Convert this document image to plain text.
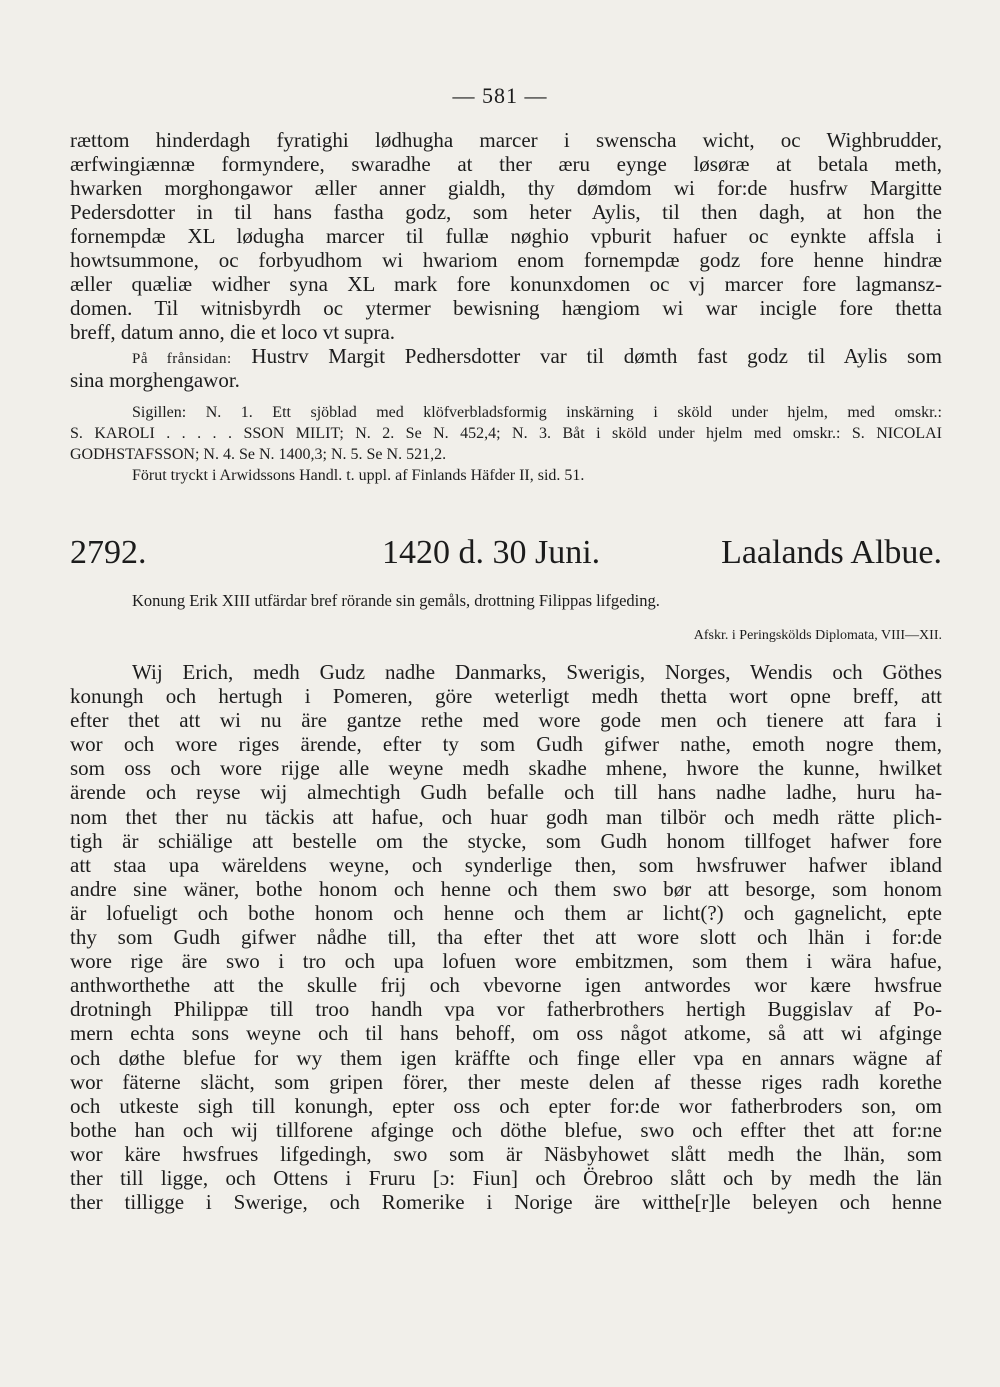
— 581 —

rættom hinderdagh fyratighi lødhugha marcer i swenscha wicht, oc Wighbrudder,
ærfwingiænnæ formyndere, swaradhe at ther æru eynge løsøræ at betala meth,
hwarken morghongawor æller anner gialdh, thy dømdom wi for:de husfrw Margitte
Pedersdotter in til hans fastha godz, som heter Aylis, til then dagh, at hon the
fornempdæ XL lødugha marcer til fullæ nøghio vpburit hafuer oc eynkte affsla i
howtsummone, oc forbyudhom wi hwariom enom fornempdæ godz fore henne hindræ
æller quæliæ widher syna XL mark fore konunxdomen oc vj marcer fore lagmansz-
domen. Til witnisbyrdh oc ytermer bewisning hængiom wi war incigle fore thetta
breff, datum anno, die et loco vt supra.
På frånsidan: Hustrv Margit Pedhersdotter var til dømth fast godz til Aylis som
sina morghengawor.
Sigillen: N. 1. Ett sjöblad med klöfverbladsformig inskärning i sköld under hjelm, med omskr.:
S. KAROLI . . . . . SSON MILIT; N. 2. Se N. 452,4; N. 3. Båt i sköld under hjelm med omskr.: S. NICOLAI
GODHSTAFSSON; N. 4. Se N. 1400,3; N. 5. Se N. 521,2.
Förut tryckt i Arwidssons Handl. t. uppl. af Finlands Häfder II, sid. 51.
2792.	1420 d. 30 Juni.	Laalands Albue.
Konung Erik XIII utfärdar bref rörande sin gemåls, drottning Filippas lifgeding.
Afskr. i Peringskölds Diplomata, VIII—XII.
Wij Erich, medh Gudz nadhe Danmarks, Swerigis, Norges, Wendis och Göthes
konungh och hertugh i Pomeren, göre weterligt medh thetta wort opne breff, att
efter thet att wi nu äre gantze rethe med wore gode men och tienere att fara i
wor och wore riges ärende, efter ty som Gudh gifwer nathe, emoth nogre them,
som oss och wore rijge alle weyne medh skadhe mhene, hwore the kunne, hwilket
ärende och reyse wij almechtigh Gudh befalle och till hans nadhe ladhe, huru ha-
nom thet ther nu täckis att hafue, och huar godh man tilbör och medh rätte plich-
tigh är schiälige att bestelle om the stycke, som Gudh honom tillfoget hafwer fore
att staa upa wäreldens weyne, och synderlige then, som hwsfruwer hafwer ibland
andre sine wäner, bothe honom och henne och them swo bør att besorge, som honom
är lofueligt och bothe honom och henne och them ar licht(?) och gagnelicht, epte
thy som Gudh gifwer nådhe till, tha efter thet att wore slott och lhän i for:de
wore rige äre swo i tro och upa lofuen wore embitzmen, som them i wära hafue,
anthworthethe att the skulle frij och vbevorne igen antwordes wor kære hwsfrue
drotningh Philippæ till troo handh vpa vor fatherbrothers hertigh Buggislav af Po-
mern echta sons weyne och til hans behoff, om oss något atkome, så att wi afginge
och døthe blefue for wy them igen kräffte och finge eller vpa en annars wägne af
wor fäterne slächt, som gripen förer, ther meste delen af thesse riges radh korethe
och utkeste sigh till konungh, epter oss och epter for:de wor fatherbroders son, om
bothe han och wij tillforene afginge och döthe blefue, swo och effter thet att for:ne
wor käre hwsfrues lifgedingh, swo som är Näsbyhowet slått medh the lhän, som
ther till ligge, och Ottens i Fruru [ɔ: Fiun] och Örebroo slått och by medh the län
ther tilligge i Swerige, och Romerike i Norige äre witthe[r]le beleyen och henne
